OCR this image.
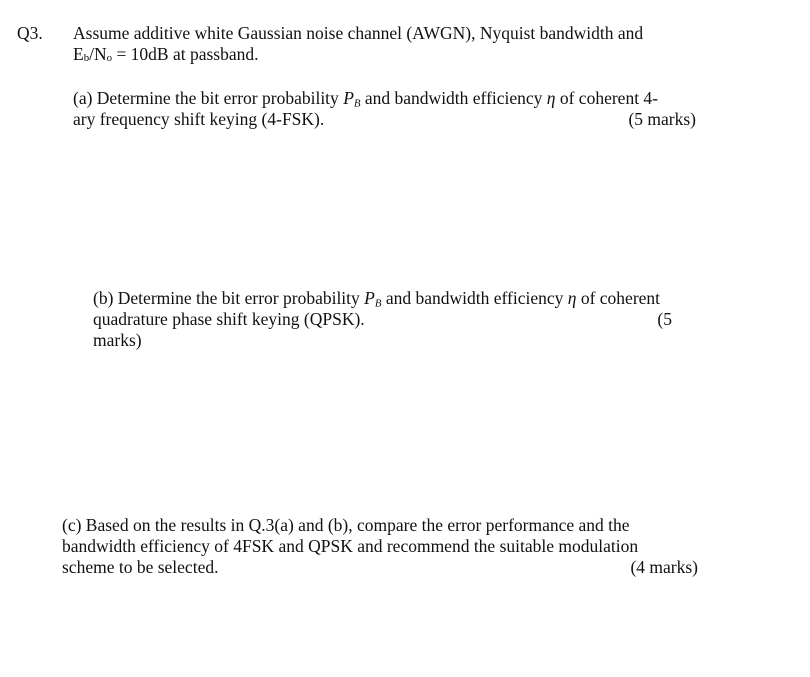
Q3. Assume additive white Gaussian noise channel (AWGN), Nyquist bandwidth and
Eb/No = 10dB at passband.
(a) Determine the bit error probability $P_B$ and bandwidth efficiency η of coherent 4-
ary frequency shift keying (4-FSK).	(5 marks)
(b) Determine the bit error probability $P_B$ and bandwidth efficiency η of coherent
quadrature phase shift keying (QPSK).	(5
marks)
(c) Based on the results in Q.3(a) and (b), compare the error performance and the
bandwidth efficiency of 4FSK and QPSK and recommend the suitable modulation
scheme to be selected.	(4 marks)
